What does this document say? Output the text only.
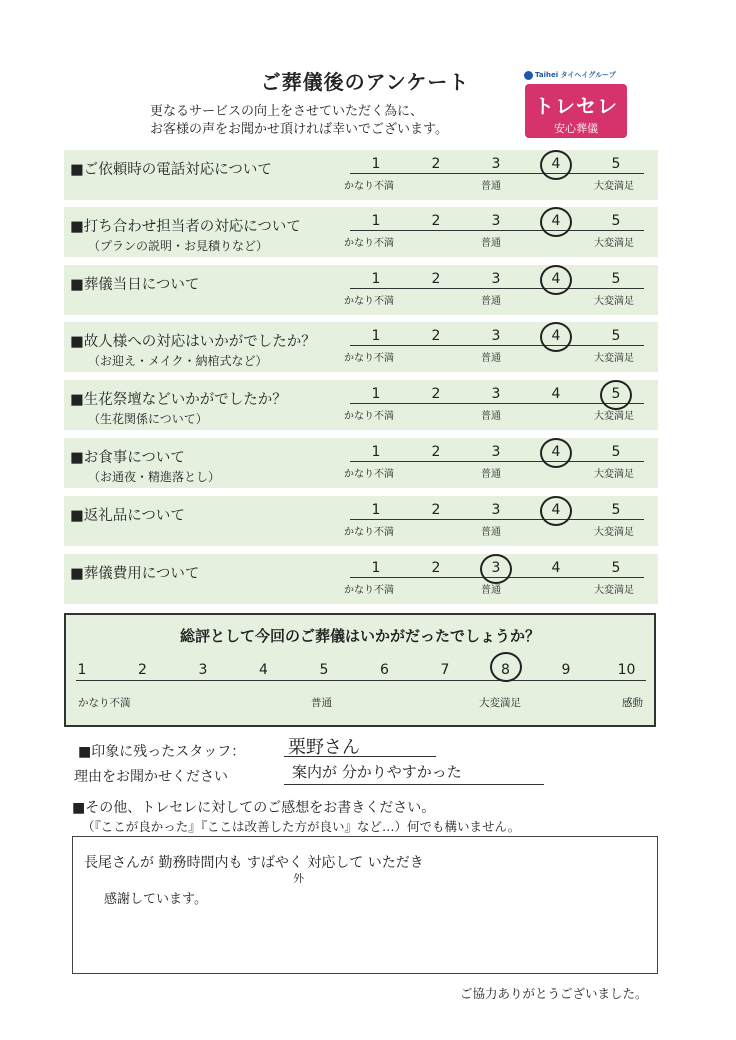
ご葬儀後のアンケート
更なるサービスの向上をさせていただく為に、
お客様の声をお聞かせ頂ければ幸いでございます。
Taihei タイヘイグループ
トレセレ
安心葬儀
■ご依頼時の電話対応について	1	2	3	4	5
かなり不満	普通	大変満足
■打ち合わせ担当者の対応について
（プランの説明・お見積りなど）
1	2	3	4	5
かなり不満	普通	大変満足
■葬儀当日について	1	2	3	4	5
かなり不満	普通	大変満足
■故人様への対応はいかがでしたか？
（お迎え・メイク・納棺式など）
1	2	3	4	5
かなり不満	普通	大変満足
■生花祭壇などいかがでしたか？
（生花関係について）
1	2	3	4	5
かなり不満	普通	大変満足
■お食事について
（お通夜・精進落とし）
1	2	3	4	5
かなり不満	普通	大変満足
■返礼品について	1	2	3	4	5
かなり不満	普通	大変満足
■葬儀費用について	1	2	3	4	5
かなり不満	普通	大変満足
総評として今回のご葬儀はいかがだったでしょうか？
かなり不満	普通	大変満足	感動
1	2	3	4	5	6	7	8	9	10
■印象に残ったスタッフ： 栗野さん
理由をお聞かせください	案内が 分かりやすかった
■その他、トレセレに対してのご感想をお書きください。
（『ここが良かった』『ここは改善した方が良い』など…）何でも構いません。
長尾さんが 勤務時間内も すばやく 対応して いただき
外
感謝しています。
ご協力ありがとうございました。
